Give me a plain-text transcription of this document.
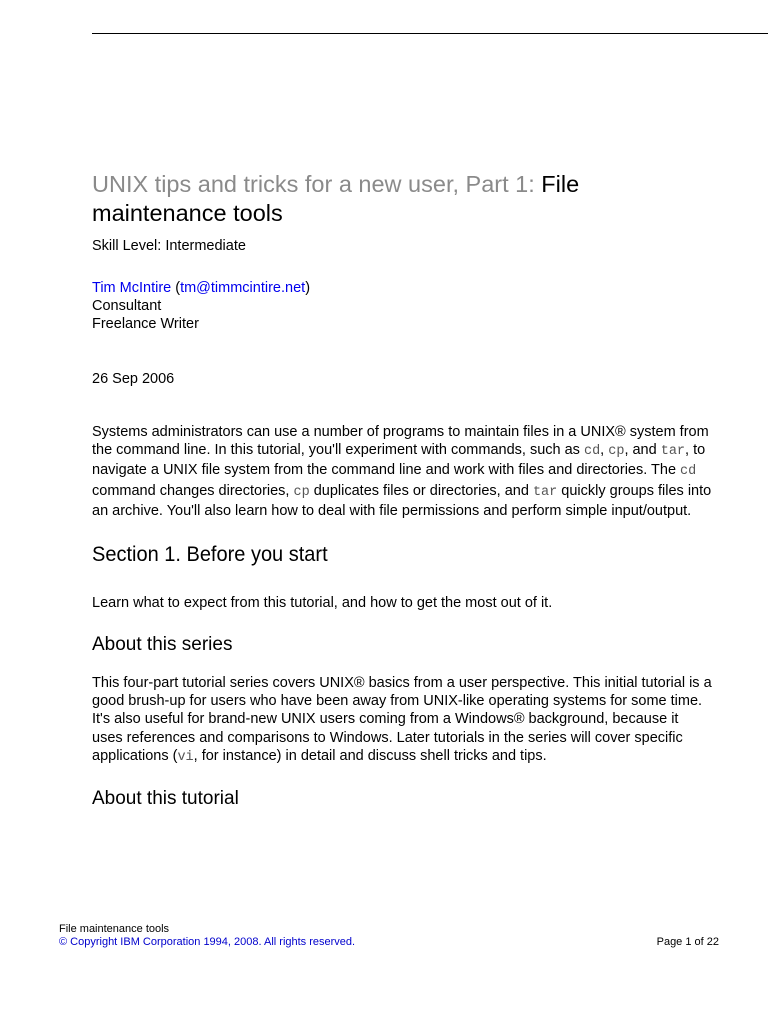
UNIX tips and tricks for a new user, Part 1: File maintenance tools

Skill Level: Intermediate

Tim McIntire (tm@timmcintire.net)
Consultant
Freelance Writer
26 Sep 2006

Systems administrators can use a number of programs to maintain files in a UNIX® system from the command line. In this tutorial, you'll experiment with commands, such as cd, cp, and tar, to navigate a UNIX file system from the command line and work with files and directories. The cd command changes directories, cp duplicates files or directories, and tar quickly groups files into an archive. You'll also learn how to deal with file permissions and perform simple input/output.

Section 1. Before you start

Learn what to expect from this tutorial, and how to get the most out of it.

About this series

This four-part tutorial series covers UNIX® basics from a user perspective. This initial tutorial is a good brush-up for users who have been away from UNIX-like operating systems for some time. It's also useful for brand-new UNIX users coming from a Windows® background, because it uses references and comparisons to Windows. Later tutorials in the series will cover specific applications (vi, for instance) in detail and discuss shell tricks and tips.

About this tutorial
File maintenance tools
© Copyright IBM Corporation 1994, 2008. All rights reserved.	Page 1 of 22
